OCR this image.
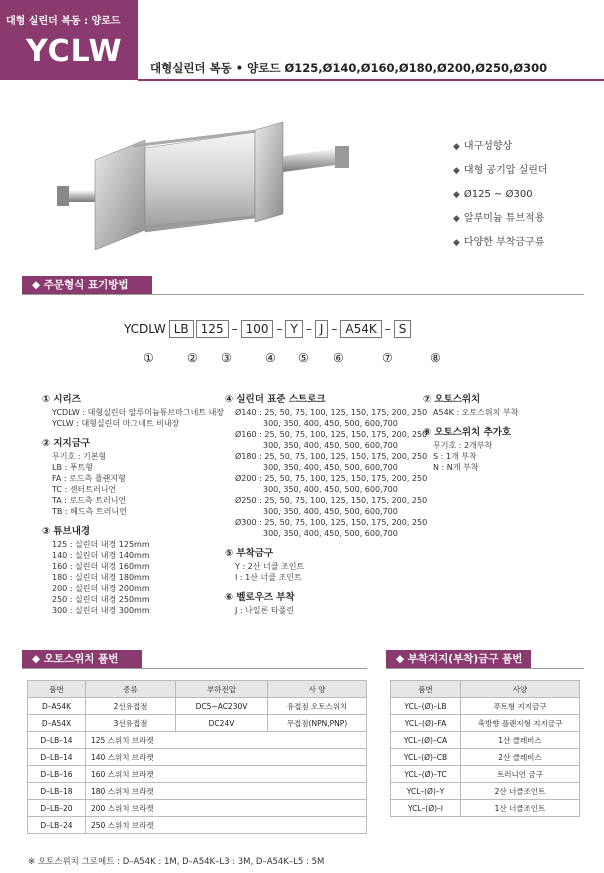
대형 실린더 복동 : 양로드
YCLW 대형실린더 복동 • 양로드 Ø125,Ø140,Ø160,Ø180,Ø200,Ø250,Ø300
◆ 내구성향상
◆ 대형 공기압 실린더
◆ Ø125 ~ Ø300
◆ 알루미늄 튜브적용
◆ 다양한 부착금구류
◆ 주문형식 표기방법
YCDLW LB	125 – 100 – Y – J – A54K – S
①	② ③	④ ⑤ ⑥	⑦	⑧
① 시리즈
YCDLW : 대형실린더 알루미늄튜브마그네트 내장
YCLW : 대형실린더 마그네트 비내장
② 지지금구
무기호 : 기본형
LB : 푸트형
FA : 로드측 플랜지형
TC : 센터트러니언
TA : 로드측 트러니언
TB : 헤드측 트러니언
③ 튜브내경
125 : 실린더 내경 125mm
140 : 실린더 내경 140mm
160 : 실린더 내경 160mm
180 : 실린더 내경 180mm
200 : 실린더 내경 200mm
250 : 실린더 내경 250mm
300 : 실린더 내경 300mm
④ 실린더 표준 스트로크
Ø140 : 25, 50, 75, 100, 125, 150, 175, 200, 250
300, 350, 400, 450, 500, 600,700
Ø160 : 25, 50, 75, 100, 125, 150, 175, 200, 250
300, 350, 400, 450, 500, 600,700
Ø180 : 25, 50, 75, 100, 125, 150, 175, 200, 250
300, 350, 400, 450, 500, 600,700
Ø200 : 25, 50, 75, 100, 125, 150, 175, 200, 250
300, 350, 400, 450, 500, 600,700
Ø250 : 25, 50, 75, 100, 125, 150, 175, 200, 250
300, 350, 400, 450, 500, 600,700
Ø300 : 25, 50, 75, 100, 125, 150, 175, 200, 250
300, 350, 400, 450, 500, 600,700
⑤ 부착금구
Y : 2산 너클 조인트
I : 1산 너클 조인트
⑥ 벨로우즈 부착
J : 나일론 타폴린
⑦ 오토스위치
A54K : 오토스위치 부착
⑧ 오토스위치 추가호
무기호 : 2개부착
S : 1개 부착
N : N개 부착
◆ 오토스위치 품번
품번	종류	부하전압	사 양
D–A54K	2선유접점	DC5~AC230V	유접점 오토스위치
D–A54X	3선유접점	DC24V	무접점(NPN,PNP)
D–LB–14	125 스위치 브라켓		
D–LB–14	140 스위치 브라켓		
D–LB–16	160 스위치 브라켓		
D–LB–18	180 스위치 브라켓		
D–LB–20	200 스위치 브라켓		
D–LB–24	250 스위치 브라켓		
◆ 부착지지(부착)금구 품번
품번	사양
YCL–(Ø)–LB	푸트형 지지금구
YCL–(Ø)–FA	축방향 플랜지형 지지금구
YCL–(Ø)–CA	1산 클레비스
YCL–(Ø)–CB	2산 클레비스
YCL–(Ø)–TC	트러니언 금구
YCL–(Ø)–Y	2산 너클조인트
YCL–(Ø)–I	1산 너클조인트
※ 오토스위치 그로메트 : D–A54K : 1M, D–A54K–L3 : 3M, D–A54K–L5 : 5M
